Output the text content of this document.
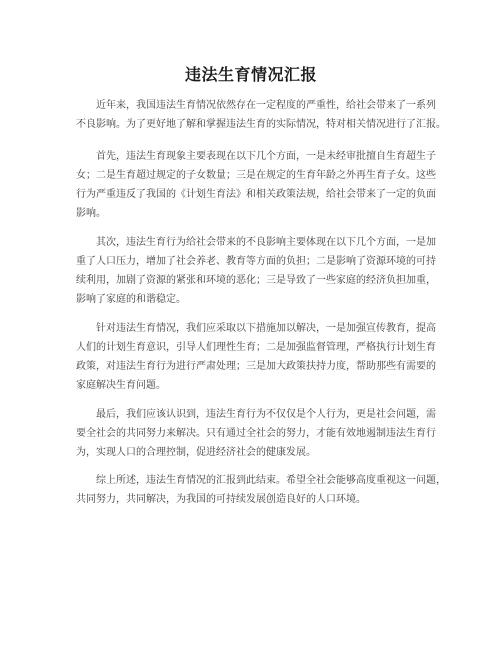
违法生育情况汇报
近年来，我国违法生育情况依然存在一定程度的严重性，给社会带来了一系列
不良影响。为了更好地了解和掌握违法生育的实际情况，特对相关情况进行了汇报。
首先，违法生育现象主要表现在以下几个方面，一是未经审批擅自生育超生子
女；二是生育超过规定的子女数量；三是在规定的生育年龄之外再生育子女。这些
行为严重违反了我国的《计划生育法》和相关政策法规，给社会带来了一定的负面
影响。
其次，违法生育行为给社会带来的不良影响主要体现在以下几个方面，一是加
重了人口压力，增加了社会养老、教育等方面的负担；二是影响了资源环境的可持
续利用，加剧了资源的紧张和环境的恶化；三是导致了一些家庭的经济负担加重，
影响了家庭的和谐稳定。
针对违法生育情况，我们应采取以下措施加以解决，一是加强宣传教育，提高
人们的计划生育意识，引导人们理性生育；二是加强监督管理，严格执行计划生育
政策，对违法生育行为进行严肃处理；三是加大政策扶持力度，帮助那些有需要的
家庭解决生育问题。
最后，我们应该认识到，违法生育行为不仅仅是个人行为，更是社会问题，需
要全社会的共同努力来解决。只有通过全社会的努力，才能有效地遏制违法生育行
为，实现人口的合理控制，促进经济社会的健康发展。
综上所述，违法生育情况的汇报到此结束。希望全社会能够高度重视这一问题，
共同努力，共同解决，为我国的可持续发展创造良好的人口环境。
